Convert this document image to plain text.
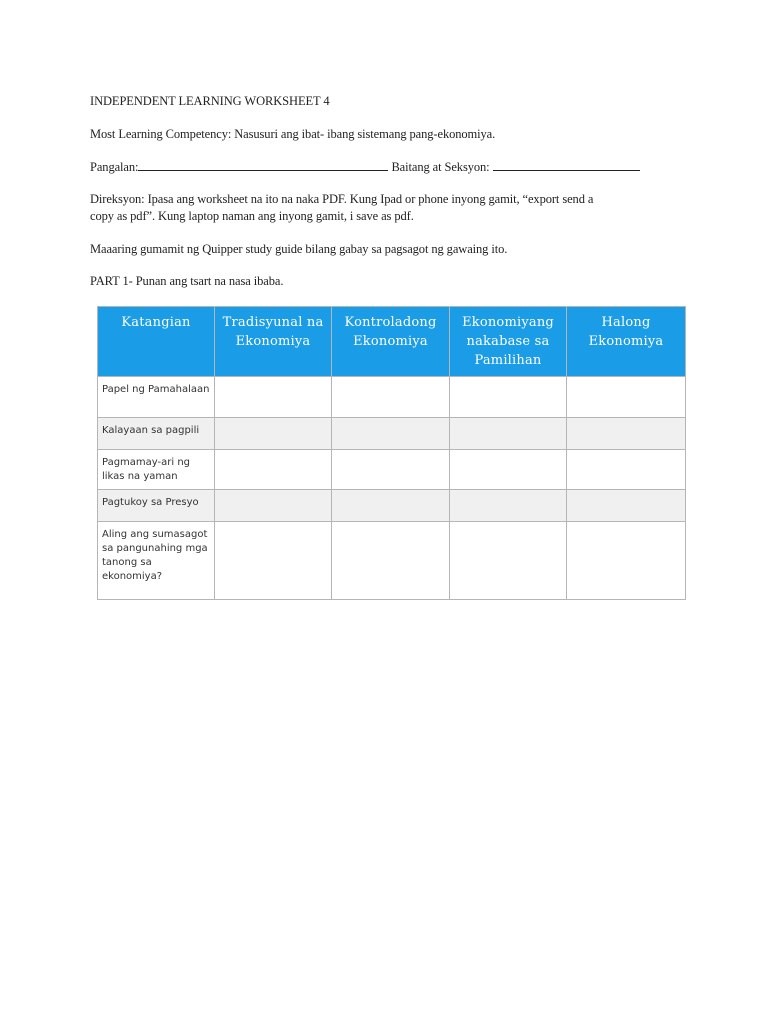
INDEPENDENT LEARNING WORKSHEET 4
Most Learning Competency: Nasusuri ang ibat- ibang sistemang pang-ekonomiya.
Pangalan:	Baitang at Seksyon:
Direksyon: Ipasa ang worksheet na ito na naka PDF. Kung Ipad or phone inyong gamit, “export send a
copy as pdf”. Kung laptop naman ang inyong gamit, i save as pdf.
Maaaring gumamit ng Quipper study guide bilang gabay sa pagsagot ng gawaing ito.
PART 1- Punan ang tsart na nasa ibaba.
Katangian	Tradisyunal na Ekonomiya	Kontroladong Ekonomiya	Ekonomiyang nakabase sa Pamilihan	Halong Ekonomiya
Papel ng Pamahalaan				
Kalayaan sa pagpili				
Pagmamay-ari ng likas na yaman				
Pagtukoy sa Presyo				
Aling ang sumasagot sa pangunahing mga tanong sa ekonomiya?				
